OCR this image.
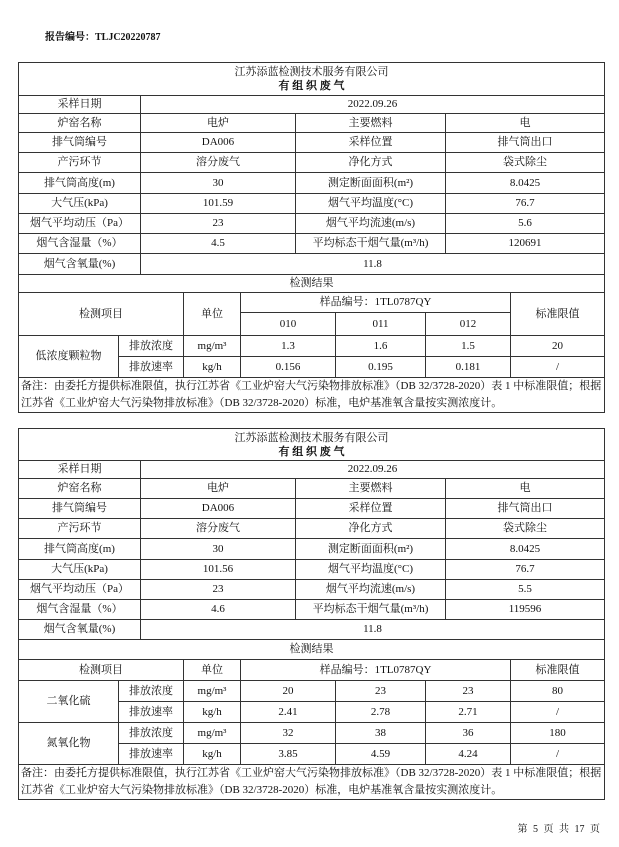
报告编号：TLJC20220787
江苏添蓝检测技术服务有限公司
有 组 织 废 气									

采样日期		2022.09.26							
炉窑名称		电炉			主要燃料			电	
排气筒编号		DA006			采样位置			排气筒出口	
产污环节		溶分废气			净化方式			袋式除尘	
排气筒高度(m)		30			测定断面面积(m²)			8.0425	
大气压(kPa)		101.59			烟气平均温度(°C)			76.7	
烟气平均动压（Pa）		23			烟气平均流速(m/s)			5.6	
烟气含湿量（%）		4.5			平均标态干烟气量(m³/h)			120691	
烟气含氧量(%)		11.8							
检测结果									
检测项目			单位	样品编号：1TL0787QY					标准限值
				010		011	012		
低浓度颗粒物	排放浓度		mg/m³	1.3		1.6	1.5		20
	排放速率		kg/h	0.156		0.195	0.181		/
备注：由委托方提供标准限值，执行江苏省《工业炉窑大气污染物排放标准》（DB 32/3728-2020）表 1 中标准限值；根据江苏省《工业炉窑大气污染物排放标准》（DB 32/3728-2020）标准，电炉基准氧含量按实测浓度计。									
江苏添蓝检测技术服务有限公司
有 组 织 废 气									

采样日期		2022.09.26							
炉窑名称		电炉			主要燃料			电	
排气筒编号		DA006			采样位置			排气筒出口	
产污环节		溶分废气			净化方式			袋式除尘	
排气筒高度(m)		30			测定断面面积(m²)			8.0425	
大气压(kPa)		101.56			烟气平均温度(°C)			76.7	
烟气平均动压（Pa）		23			烟气平均流速(m/s)			5.5	
烟气含湿量（%）		4.6			平均标态干烟气量(m³/h)			119596	
烟气含氧量(%)		11.8							
检测结果									
检测项目			单位	样品编号：1TL0787QY					标准限值
二氧化硫	排放浓度		mg/m³	20		23	23		80
	排放速率		kg/h	2.41		2.78	2.71		/
氮氧化物	排放浓度		mg/m³	32		38	36		180
	排放速率		kg/h	3.85		4.59	4.24		/
备注：由委托方提供标准限值，执行江苏省《工业炉窑大气污染物排放标准》（DB 32/3728-2020）表 1 中标准限值；根据江苏省《工业炉窑大气污染物排放标准》（DB 32/3728-2020）标准，电炉基准氧含量按实测浓度计。									
第 5 页 共 17 页
